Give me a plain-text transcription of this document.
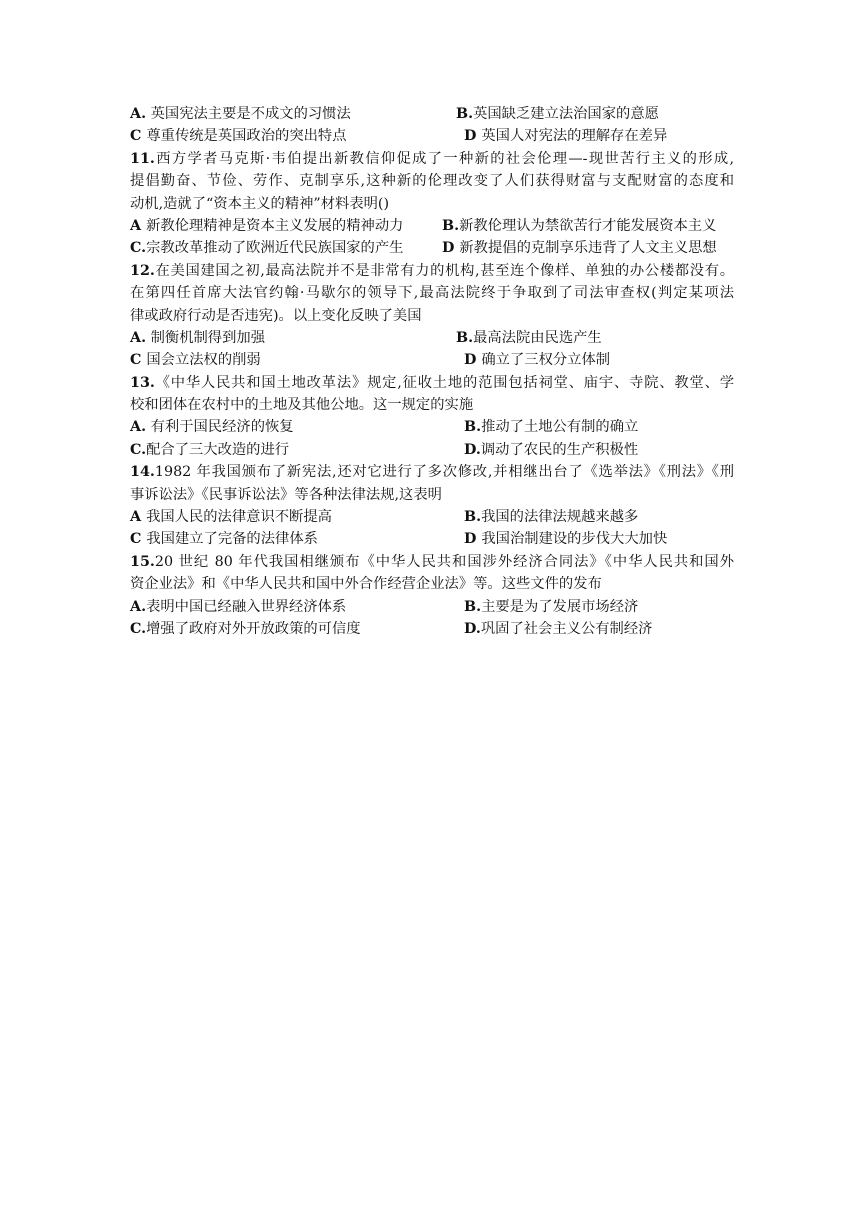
A. 英国宪法主要是不成文的习惯法	B.英国缺乏建立法治国家的意愿
C 尊重传统是英国政治的突出特点	D 英国人对宪法的理解存在差异
11.西方学者马克斯·韦伯提出新教信仰促成了一种新的社会伦理—-现世苦行主义的形成,
提倡勤奋、节俭、劳作、克制享乐,这种新的伦理改变了人们获得财富与支配财富的态度和
动机,造就了“资本主义的精神”材料表明()
A 新教伦理精神是资本主义发展的精神动力	B.新教伦理认为禁欲苦行才能发展资本主义
C.宗教改革推动了欧洲近代民族国家的产生	D 新教提倡的克制享乐违背了人文主义思想
12.在美国建国之初,最高法院并不是非常有力的机构,甚至连个像样、单独的办公楼都没有。
在第四任首席大法官约翰·马歇尔的领导下,最高法院终于争取到了司法审查权(判定某项法
律或政府行动是否违宪)。以上变化反映了美国
A. 制衡机制得到加强	B.最高法院由民选产生
C 国会立法权的削弱	D 确立了三权分立体制
13.《中华人民共和国土地改革法》规定,征收土地的范围包括祠堂、庙宇、寺院、教堂、学
校和团体在农村中的土地及其他公地。这一规定的实施
A. 有利于国民经济的恢复	B.推动了土地公有制的确立
C.配合了三大改造的进行	D.调动了农民的生产积极性
14.1982 年我国颁布了新宪法,还对它进行了多次修改,并相继出台了《选举法》《刑法》《刑
事诉讼法》《民事诉讼法》等各种法律法规,这表明
A 我国人民的法律意识不断提高	B.我国的法律法规越来越多
C 我国建立了完备的法律体系	D 我国治制建设的步伐大大加快
15.20 世纪 80 年代我国相继颁布《中华人民共和国涉外经济合同法》《中华人民共和国外
资企业法》和《中华人民共和国中外合作经营企业法》等。这些文件的发布
A.表明中国已经融入世界经济体系	B.主要是为了发展市场经济
C.增强了政府对外开放政策的可信度	D.巩固了社会主义公有制经济
